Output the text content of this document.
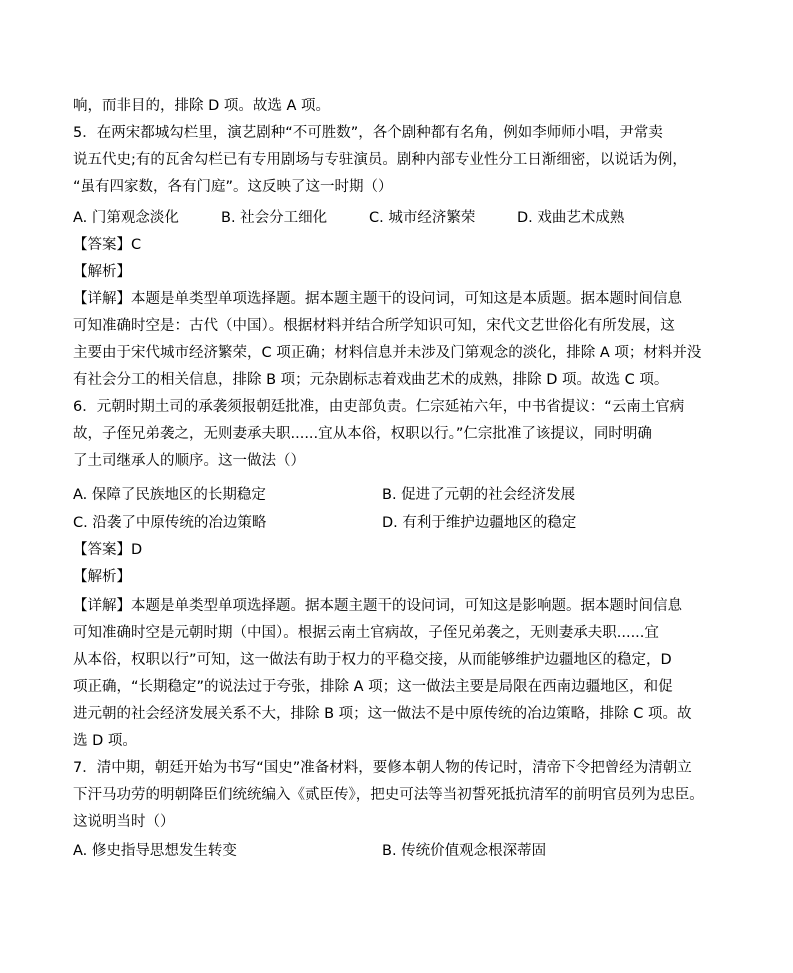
响，而非目的，排除 D 项。故选 A 项。
5．在两宋都城勾栏里，演艺剧种“不可胜数”，各个剧种都有名角，例如李师师小唱，尹常卖
说五代史;有的瓦舍勾栏已有专用剧场与专驻演员。剧种内部专业性分工日渐细密，以说话为例，
“虽有四家数，各有门庭”。这反映了这一时期（）
A. 门第观念淡化	B. 社会分工细化	C. 城市经济繁荣	D. 戏曲艺术成熟
【答案】C
【解析】
【详解】本题是单类型单项选择题。据本题主题干的设问词，可知这是本质题。据本题时间信息
可知准确时空是：古代（中国）。根据材料并结合所学知识可知，宋代文艺世俗化有所发展，这
主要由于宋代城市经济繁荣，C 项正确；材料信息并未涉及门第观念的淡化，排除 A 项；材料并没
有社会分工的相关信息，排除 B 项；元杂剧标志着戏曲艺术的成熟，排除 D 项。故选 C 项。
6．元朝时期土司的承袭须报朝廷批准，由吏部负责。仁宗延祐六年，中书省提议：“云南土官病
故，子侄兄弟袭之，无则妻承夫职......宜从本俗，权职以行。”仁宗批准了该提议，同时明确
了土司继承人的顺序。这一做法（）
A. 保障了民族地区的长期稳定	B. 促进了元朝的社会经济发展
C. 沿袭了中原传统的冶边策略	D. 有利于维护边疆地区的稳定
【答案】D
【解析】
【详解】本题是单类型单项选择题。据本题主题干的设问词，可知这是影响题。据本题时间信息
可知准确时空是元朝时期（中国）。根据云南土官病故，子侄兄弟袭之，无则妻承夫职......宜
从本俗，权职以行”可知，这一做法有助于权力的平稳交接，从而能够维护边疆地区的稳定，D
项正确，“长期稳定”的说法过于夸张，排除 A 项；这一做法主要是局限在西南边疆地区，和促
进元朝的社会经济发展关系不大，排除 B 项；这一做法不是中原传统的冶边策略，排除 C 项。故
选 D 项。
7．清中期，朝廷开始为书写“国史”准备材料，要修本朝人物的传记时，清帝下令把曾经为清朝立
下汗马功劳的明朝降臣们统统编入《贰臣传》，把史可法等当初誓死抵抗清军的前明官员列为忠臣。
这说明当时（）
A. 修史指导思想发生转变	B. 传统价值观念根深蒂固
